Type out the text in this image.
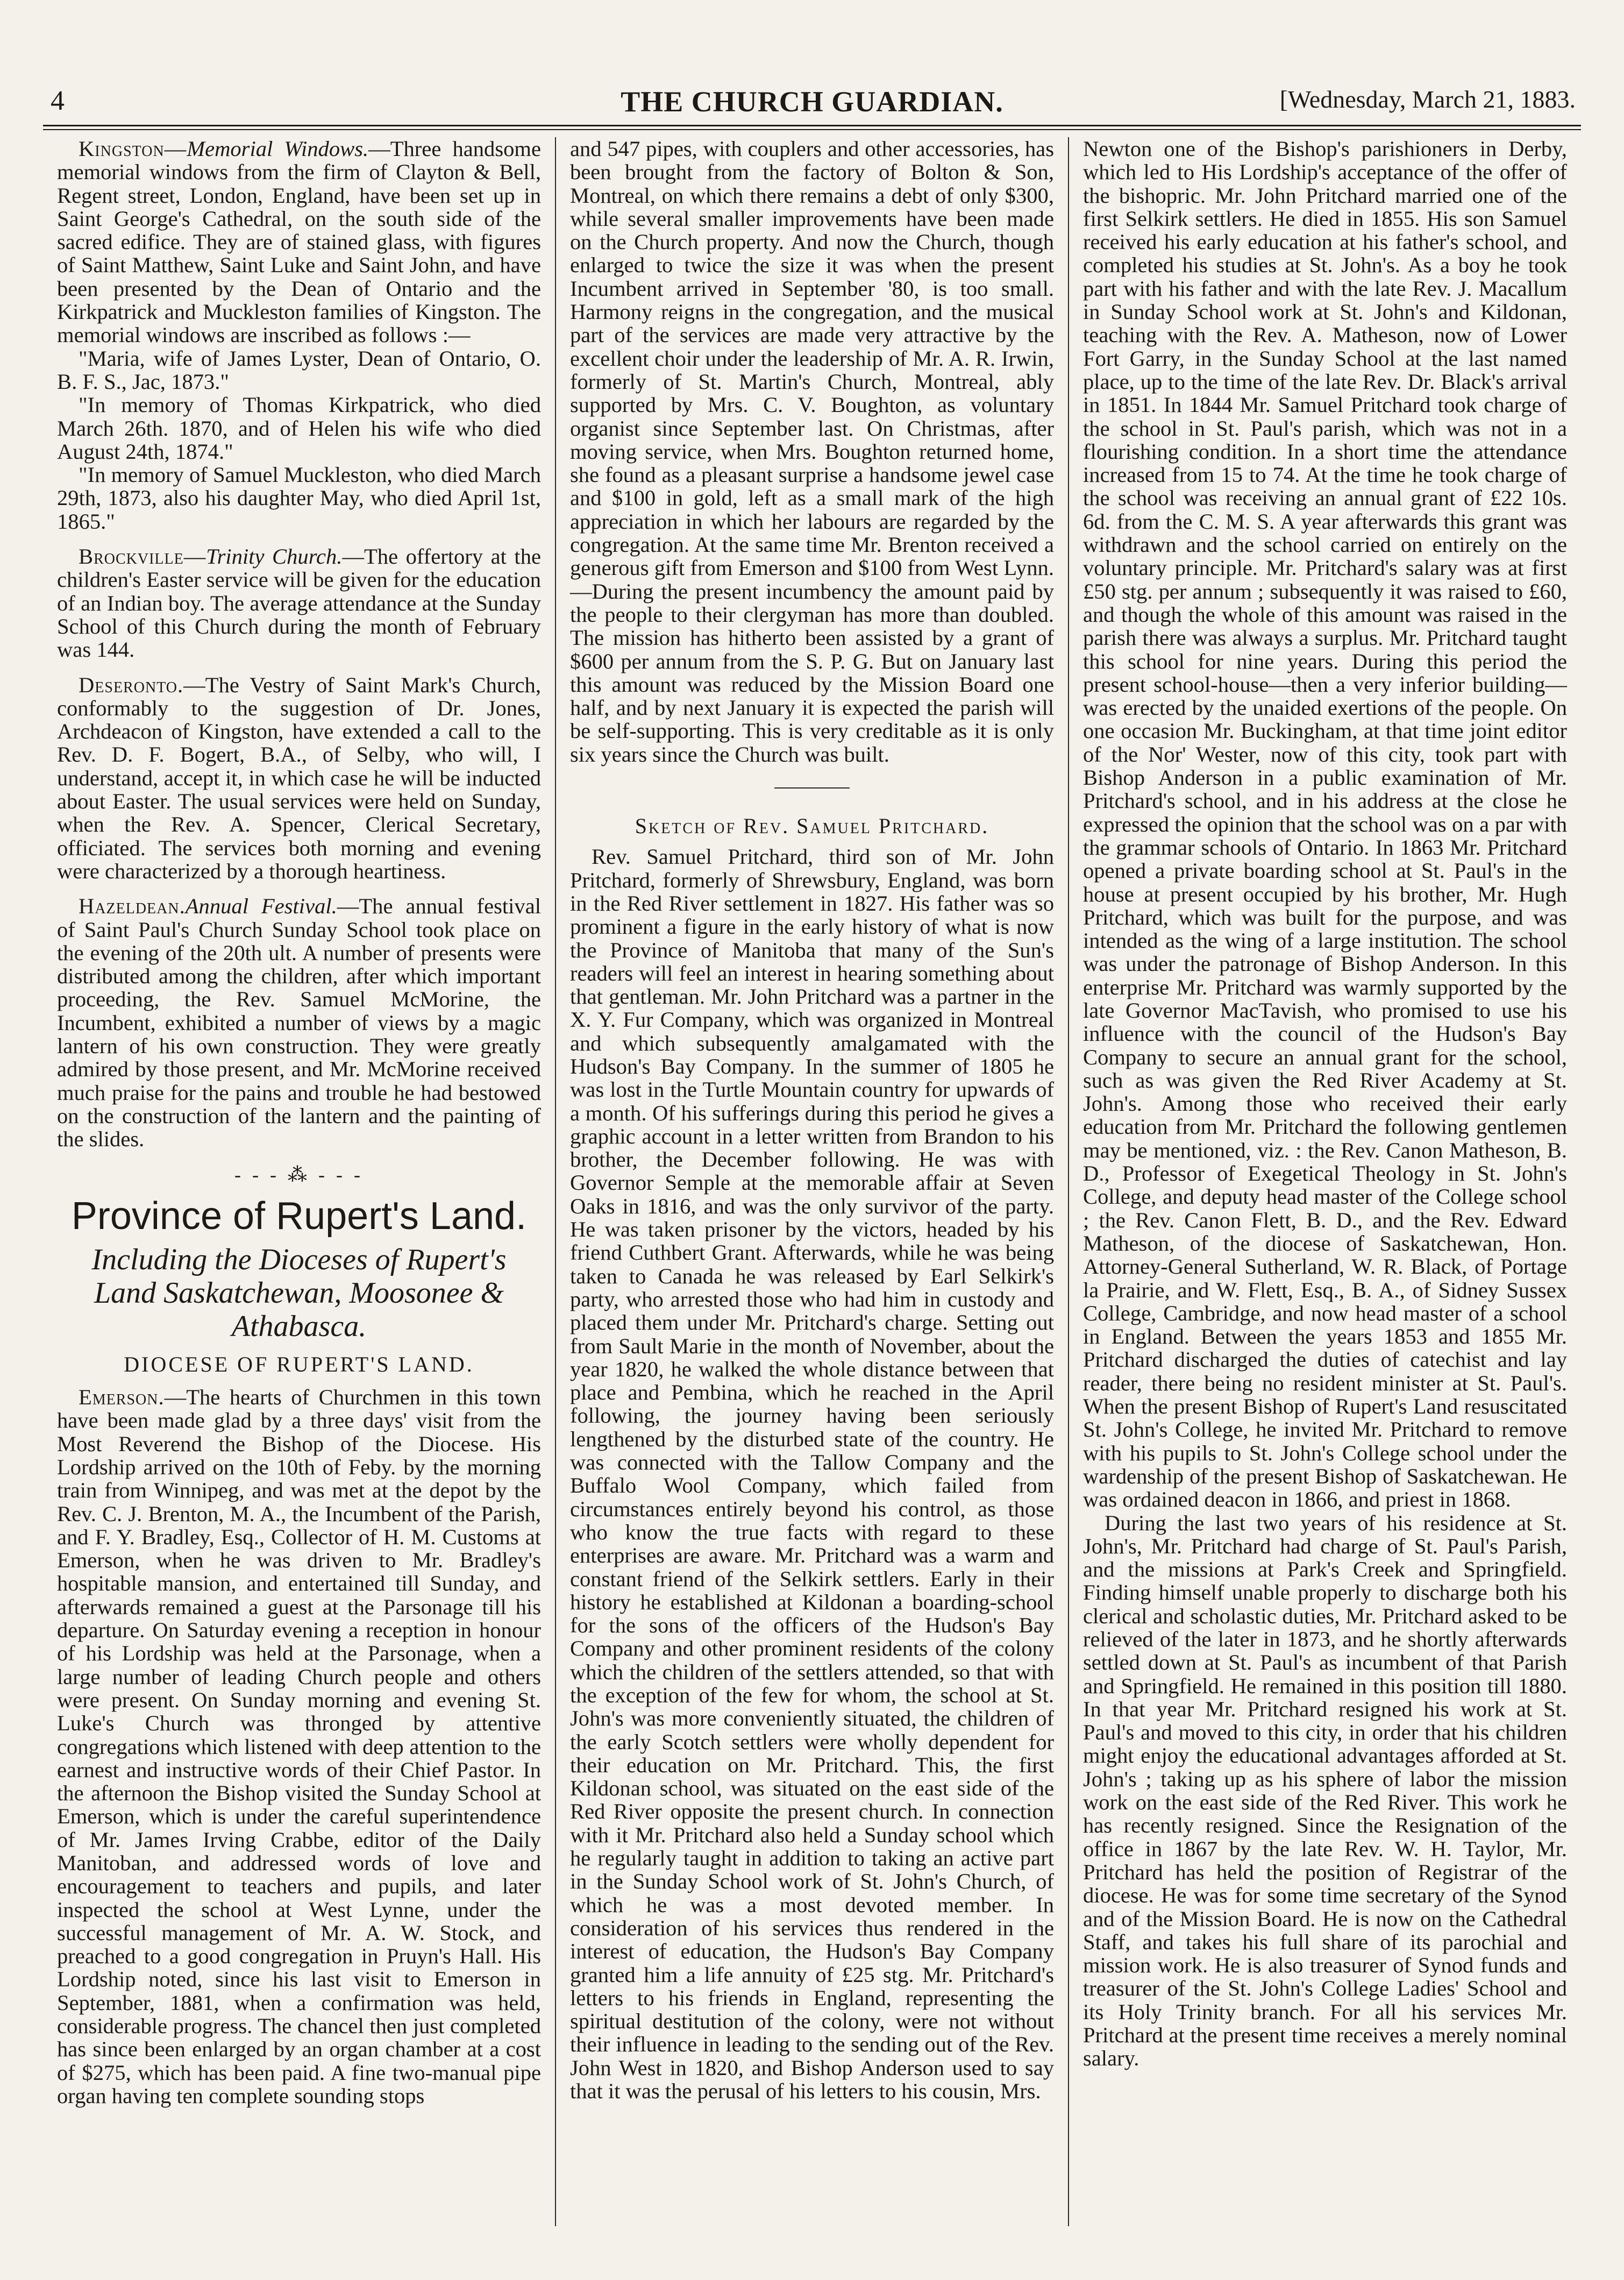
4	THE CHURCH GUARDIAN.	[Wednesday, March 21, 1883.

Kingston—Memorial Windows.—Three handsome memorial windows from the firm of Clayton & Bell, Regent street, London, England, have been set up in Saint George's Cathedral, on the south side of the sacred edifice. They are of stained glass, with figures of Saint Matthew, Saint Luke and Saint John, and have been presented by the Dean of Ontario and the Kirkpatrick and Muckleston families of Kingston. The memorial windows are inscribed as follows :—

"Maria, wife of James Lyster, Dean of Ontario, O. B. F. S., Jac, 1873."

"In memory of Thomas Kirkpatrick, who died March 26th. 1870, and of Helen his wife who died August 24th, 1874."

"In memory of Samuel Muckleston, who died March 29th, 1873, also his daughter May, who died April 1st, 1865."

Brockville—Trinity Church.—The offertory at the children's Easter service will be given for the education of an Indian boy. The average attendance at the Sunday School of this Church during the month of February was 144.

Deseronto.—The Vestry of Saint Mark's Church, conformably to the suggestion of Dr. Jones, Archdeacon of Kingston, have extended a call to the Rev. D. F. Bogert, B.A., of Selby, who will, I understand, accept it, in which case he will be inducted about Easter. The usual services were held on Sunday, when the Rev. A. Spencer, Clerical Secretary, officiated. The services both morning and evening were characterized by a thorough heartiness.

Hazeldean.Annual Festival.—The annual festival of Saint Paul's Church Sunday School took place on the evening of the 20th ult. A number of presents were distributed among the children, after which important proceeding, the Rev. Samuel McMorine, the Incumbent, exhibited a number of views by a magic lantern of his own construction. They were greatly admired by those present, and Mr. McMorine received much praise for the pains and trouble he had bestowed on the construction of the lantern and the painting of the slides.

- - - ⁂ - - -
Province of Rupert's Land.
Including the Dioceses of Rupert's Land Saskatchewan, Moosonee & Athabasca.
DIOCESE OF RUPERT'S LAND.

Emerson.—The hearts of Churchmen in this town have been made glad by a three days' visit from the Most Reverend the Bishop of the Diocese. His Lordship arrived on the 10th of Feby. by the morning train from Winnipeg, and was met at the depot by the Rev. C. J. Brenton, M. A., the Incumbent of the Parish, and F. Y. Bradley, Esq., Collector of H. M. Customs at Emerson, when he was driven to Mr. Bradley's hospitable mansion, and entertained till Sunday, and afterwards remained a guest at the Parsonage till his departure. On Saturday evening a reception in honour of his Lordship was held at the Parsonage, when a large number of leading Church people and others were present. On Sunday morning and evening St. Luke's Church was thronged by attentive congregations which listened with deep attention to the earnest and instructive words of their Chief Pastor. In the afternoon the Bishop visited the Sunday School at Emerson, which is under the careful superintendence of Mr. James Irving Crabbe, editor of the Daily Manitoban, and addressed words of love and encouragement to teachers and pupils, and later inspected the school at West Lynne, under the successful management of Mr. A. W. Stock, and preached to a good congregation in Pruyn's Hall. His Lordship noted, since his last visit to Emerson in September, 1881, when a confirmation was held, considerable progress. The chancel then just completed has since been enlarged by an organ chamber at a cost of $275, which has been paid. A fine two-manual pipe organ having ten complete sounding stops

and 547 pipes, with couplers and other accessories, has been brought from the factory of Bolton & Son, Montreal, on which there remains a debt of only $300, while several smaller improvements have been made on the Church property. And now the Church, though enlarged to twice the size it was when the present Incumbent arrived in September '80, is too small. Harmony reigns in the congregation, and the musical part of the services are made very attractive by the excellent choir under the leadership of Mr. A. R. Irwin, formerly of St. Martin's Church, Montreal, ably supported by Mrs. C. V. Boughton, as voluntary organist since September last. On Christmas, after moving service, when Mrs. Boughton returned home, she found as a pleasant surprise a handsome jewel case and $100 in gold, left as a small mark of the high appreciation in which her labours are regarded by the congregation. At the same time Mr. Brenton received a generous gift from Emerson and $100 from West Lynn.—During the present incumbency the amount paid by the people to their clergyman has more than doubled. The mission has hitherto been assisted by a grant of $600 per annum from the S. P. G. But on January last this amount was reduced by the Mission Board one half, and by next January it is expected the parish will be self-supporting. This is very creditable as it is only six years since the Church was built.

Sketch of Rev. Samuel Pritchard.

Rev. Samuel Pritchard, third son of Mr. John Pritchard, formerly of Shrewsbury, England, was born in the Red River settlement in 1827. His father was so prominent a figure in the early history of what is now the Province of Manitoba that many of the Sun's readers will feel an interest in hearing something about that gentleman. Mr. John Pritchard was a partner in the X. Y. Fur Company, which was organized in Montreal and which subsequently amalgamated with the Hudson's Bay Company. In the summer of 1805 he was lost in the Turtle Mountain country for upwards of a month. Of his sufferings during this period he gives a graphic account in a letter written from Brandon to his brother, the December following. He was with Governor Semple at the memorable affair at Seven Oaks in 1816, and was the only survivor of the party. He was taken prisoner by the victors, headed by his friend Cuthbert Grant. Afterwards, while he was being taken to Canada he was released by Earl Selkirk's party, who arrested those who had him in custody and placed them under Mr. Pritchard's charge. Setting out from Sault Marie in the month of November, about the year 1820, he walked the whole distance between that place and Pembina, which he reached in the April following, the journey having been seriously lengthened by the disturbed state of the country. He was connected with the Tallow Company and the Buffalo Wool Company, which failed from circumstances entirely beyond his control, as those who know the true facts with regard to these enterprises are aware. Mr. Pritchard was a warm and constant friend of the Selkirk settlers. Early in their history he established at Kildonan a boarding-school for the sons of the officers of the Hudson's Bay Company and other prominent residents of the colony which the children of the settlers attended, so that with the exception of the few for whom, the school at St. John's was more conveniently situated, the children of the early Scotch settlers were wholly dependent for their education on Mr. Pritchard. This, the first Kildonan school, was situated on the east side of the Red River opposite the present church. In connection with it Mr. Pritchard also held a Sunday school which he regularly taught in addition to taking an active part in the Sunday School work of St. John's Church, of which he was a most devoted member. In consideration of his services thus rendered in the interest of education, the Hudson's Bay Company granted him a life annuity of £25 stg. Mr. Pritchard's letters to his friends in England, representing the spiritual destitution of the colony, were not without their influence in leading to the sending out of the Rev. John West in 1820, and Bishop Anderson used to say that it was the perusal of his letters to his cousin, Mrs.

Newton one of the Bishop's parishioners in Derby, which led to His Lordship's acceptance of the offer of the bishopric. Mr. John Pritchard married one of the first Selkirk settlers. He died in 1855. His son Samuel received his early education at his father's school, and completed his studies at St. John's. As a boy he took part with his father and with the late Rev. J. Macallum in Sunday School work at St. John's and Kildonan, teaching with the Rev. A. Matheson, now of Lower Fort Garry, in the Sunday School at the last named place, up to the time of the late Rev. Dr. Black's arrival in 1851. In 1844 Mr. Samuel Pritchard took charge of the school in St. Paul's parish, which was not in a flourishing condition. In a short time the attendance increased from 15 to 74. At the time he took charge of the school was receiving an annual grant of £22 10s. 6d. from the C. M. S. A year afterwards this grant was withdrawn and the school carried on entirely on the voluntary principle. Mr. Pritchard's salary was at first £50 stg. per annum ; subsequently it was raised to £60, and though the whole of this amount was raised in the parish there was always a surplus. Mr. Pritchard taught this school for nine years. During this period the present school-house—then a very inferior building—was erected by the unaided exertions of the people. On one occasion Mr. Buckingham, at that time joint editor of the Nor' Wester, now of this city, took part with Bishop Anderson in a public examination of Mr. Pritchard's school, and in his address at the close he expressed the opinion that the school was on a par with the grammar schools of Ontario. In 1863 Mr. Pritchard opened a private boarding school at St. Paul's in the house at present occupied by his brother, Mr. Hugh Pritchard, which was built for the purpose, and was intended as the wing of a large institution. The school was under the patronage of Bishop Anderson. In this enterprise Mr. Pritchard was warmly supported by the late Governor MacTavish, who promised to use his influence with the council of the Hudson's Bay Company to secure an annual grant for the school, such as was given the Red River Academy at St. John's. Among those who received their early education from Mr. Pritchard the following gentlemen may be mentioned, viz. : the Rev. Canon Matheson, B. D., Professor of Exegetical Theology in St. John's College, and deputy head master of the College school ; the Rev. Canon Flett, B. D., and the Rev. Edward Matheson, of the diocese of Saskatchewan, Hon. Attorney-General Sutherland, W. R. Black, of Portage la Prairie, and W. Flett, Esq., B. A., of Sidney Sussex College, Cambridge, and now head master of a school in England. Between the years 1853 and 1855 Mr. Pritchard discharged the duties of catechist and lay reader, there being no resident minister at St. Paul's. When the present Bishop of Rupert's Land resuscitated St. John's College, he invited Mr. Pritchard to remove with his pupils to St. John's College school under the wardenship of the present Bishop of Saskatchewan. He was ordained deacon in 1866, and priest in 1868.

During the last two years of his residence at St. John's, Mr. Pritchard had charge of St. Paul's Parish, and the missions at Park's Creek and Springfield. Finding himself unable properly to discharge both his clerical and scholastic duties, Mr. Pritchard asked to be relieved of the later in 1873, and he shortly afterwards settled down at St. Paul's as incumbent of that Parish and Springfield. He remained in this position till 1880. In that year Mr. Pritchard resigned his work at St. Paul's and moved to this city, in order that his children might enjoy the educational advantages afforded at St. John's ; taking up as his sphere of labor the mission work on the east side of the Red River. This work he has recently resigned. Since the Resignation of the office in 1867 by the late Rev. W. H. Taylor, Mr. Pritchard has held the position of Registrar of the diocese. He was for some time secretary of the Synod and of the Mission Board. He is now on the Cathedral Staff, and takes his full share of its parochial and mission work. He is also treasurer of Synod funds and treasurer of the St. John's College Ladies' School and its Holy Trinity branch. For all his services Mr. Pritchard at the present time receives a merely nominal salary.
